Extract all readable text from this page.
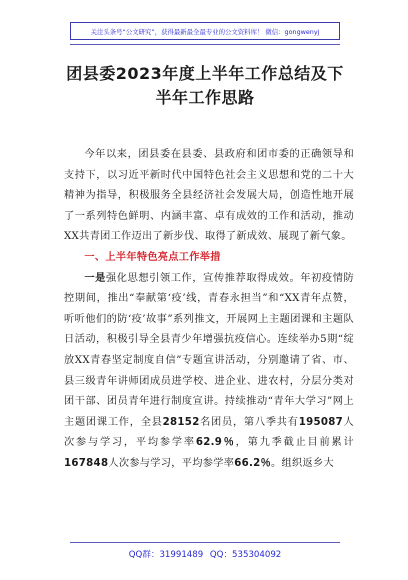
关注头条号“公文研究”，获得最新最全最专业的公文资料库！ 微信：gongwenyj
团县委2023年度上半年工作总结及下半年工作思路

今年以来，团县委在县委、县政府和团市委的正确领导和支持下，以习近平新时代中国特色社会主义思想和党的二十大精神为指导，积极服务全县经济社会发展大局，创造性地开展了一系列特色鲜明、内涵丰富、卓有成效的工作和活动，推动XX共青团工作迈出了新步伐、取得了新成效、展现了新气象。

一、上半年特色亮点工作举措

一是强化思想引领工作，宣传推荐取得成效。年初疫情防控期间，推出“奉献第‘疫’线，青春永担当”和“XX青年点赞，听听他们的防‘疫’故事”系列推文，开展网上主题团课和主题队日活动，积极引导全县青少年增强抗疫信心。连续举办5期“绽放XX青春坚定制度自信”专题宣讲活动，分别邀请了省、市、县三级青年讲师团成员进学校、进企业、进农村，分层分类对团干部、团员青年进行制度宣讲。持续推动“青年大学习”网上主题团课工作，全县28152名团员，第八季共有195087人次参与学习，平均参学率62.9％，第九季截止目前累计167848人次参与学习，平均参学率66.2％。组织返乡大

QQ群：31991489 QQ：535304092
